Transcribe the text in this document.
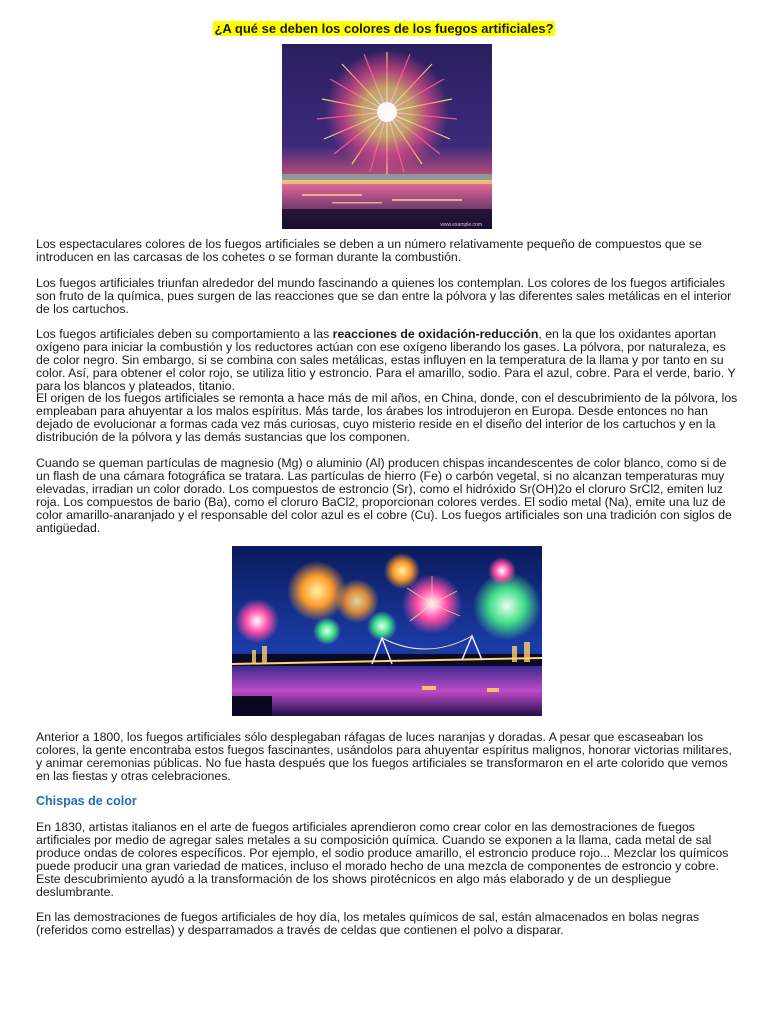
¿A qué se deben los colores de los fuegos artificiales?
www.example.com

Los espectaculares colores de los fuegos artificiales se deben a un número relativamente pequeño de compuestos que se introducen en las carcasas de los cohetes o se forman durante la combustión.

Los fuegos artificiales triunfan alrededor del mundo fascinando a quienes los contemplan. Los colores de los fuegos artificiales son fruto de la química, pues surgen de las reacciones que se dan entre la pólvora y las diferentes sales metálicas en el interior de los cartuchos.

Los fuegos artificiales deben su comportamiento a las reacciones de oxidación-reducción, en la que los oxidantes aportan oxígeno para iniciar la combustión y los reductores actúan con ese oxígeno liberando los gases. La pólvora, por naturaleza, es de color negro. Sin embargo, si se combina con sales metálicas, estas influyen en la temperatura de la llama y por tanto en su color. Así, para obtener el color rojo, se utiliza litio y estroncio. Para el amarillo, sodio. Para el azul, cobre. Para el verde, bario. Y para los blancos y plateados, titanio.

El origen de los fuegos artificiales se remonta a hace más de mil años, en China, donde, con el descubrimiento de la pólvora, los empleaban para ahuyentar a los malos espíritus. Más tarde, los árabes los introdujeron en Europa. Desde entonces no han dejado de evolucionar a formas cada vez más curiosas, cuyo misterio reside en el diseño del interior de los cartuchos y en la distribución de la pólvora y las demás sustancias que los componen.

Cuando se queman partículas de magnesio (Mg) o aluminio (Al) producen chispas incandescentes de color blanco, como si de un flash de una cámara fotográfica se tratara. Las partículas de hierro (Fe) o carbón vegetal, si no alcanzan temperaturas muy elevadas, irradian un color dorado. Los compuestos de estroncio (Sr), como el hidróxido Sr(OH)2o el cloruro SrCl2, emiten luz roja. Los compuestos de bario (Ba), como el cloruro BaCl2, proporcionan colores verdes. El sodio metal (Na), emite una luz de color amarillo-anaranjado y el responsable del color azul es el cobre (Cu). Los fuegos artificiales son una tradición con siglos de antigüedad.

Anterior a 1800, los fuegos artificiales sólo desplegaban ráfagas de luces naranjas y doradas. A pesar que escaseaban los colores, la gente encontraba estos fuegos fascinantes, usándolos para ahuyentar espíritus malignos, honorar victorias militares, y animar ceremonias públicas. No fue hasta después que los fuegos artificiales se transformaron en el arte colorido que vemos en las fiestas y otras celebraciones.

Chispas de color

En 1830, artistas italianos en el arte de fuegos artificiales aprendieron como crear color en las demostraciones de fuegos artificiales por medio de agregar sales metales a su composición química. Cuando se exponen a la llama, cada metal de sal produce ondas de colores específicos. Por ejemplo, el sodio produce amarillo, el estroncio produce rojo... Mezclar los químicos puede producir una gran variedad de matices, incluso el morado hecho de una mezcla de componentes de estroncio y cobre. Este descubrimiento ayudó a la transformación de los shows pirotécnicos en algo más elaborado y de un despliegue deslumbrante.

En las demostraciones de fuegos artificiales de hoy día, los metales químicos de sal, están almacenados en bolas negras (referidos como estrellas) y desparramados a través de celdas que contienen el polvo a disparar.
